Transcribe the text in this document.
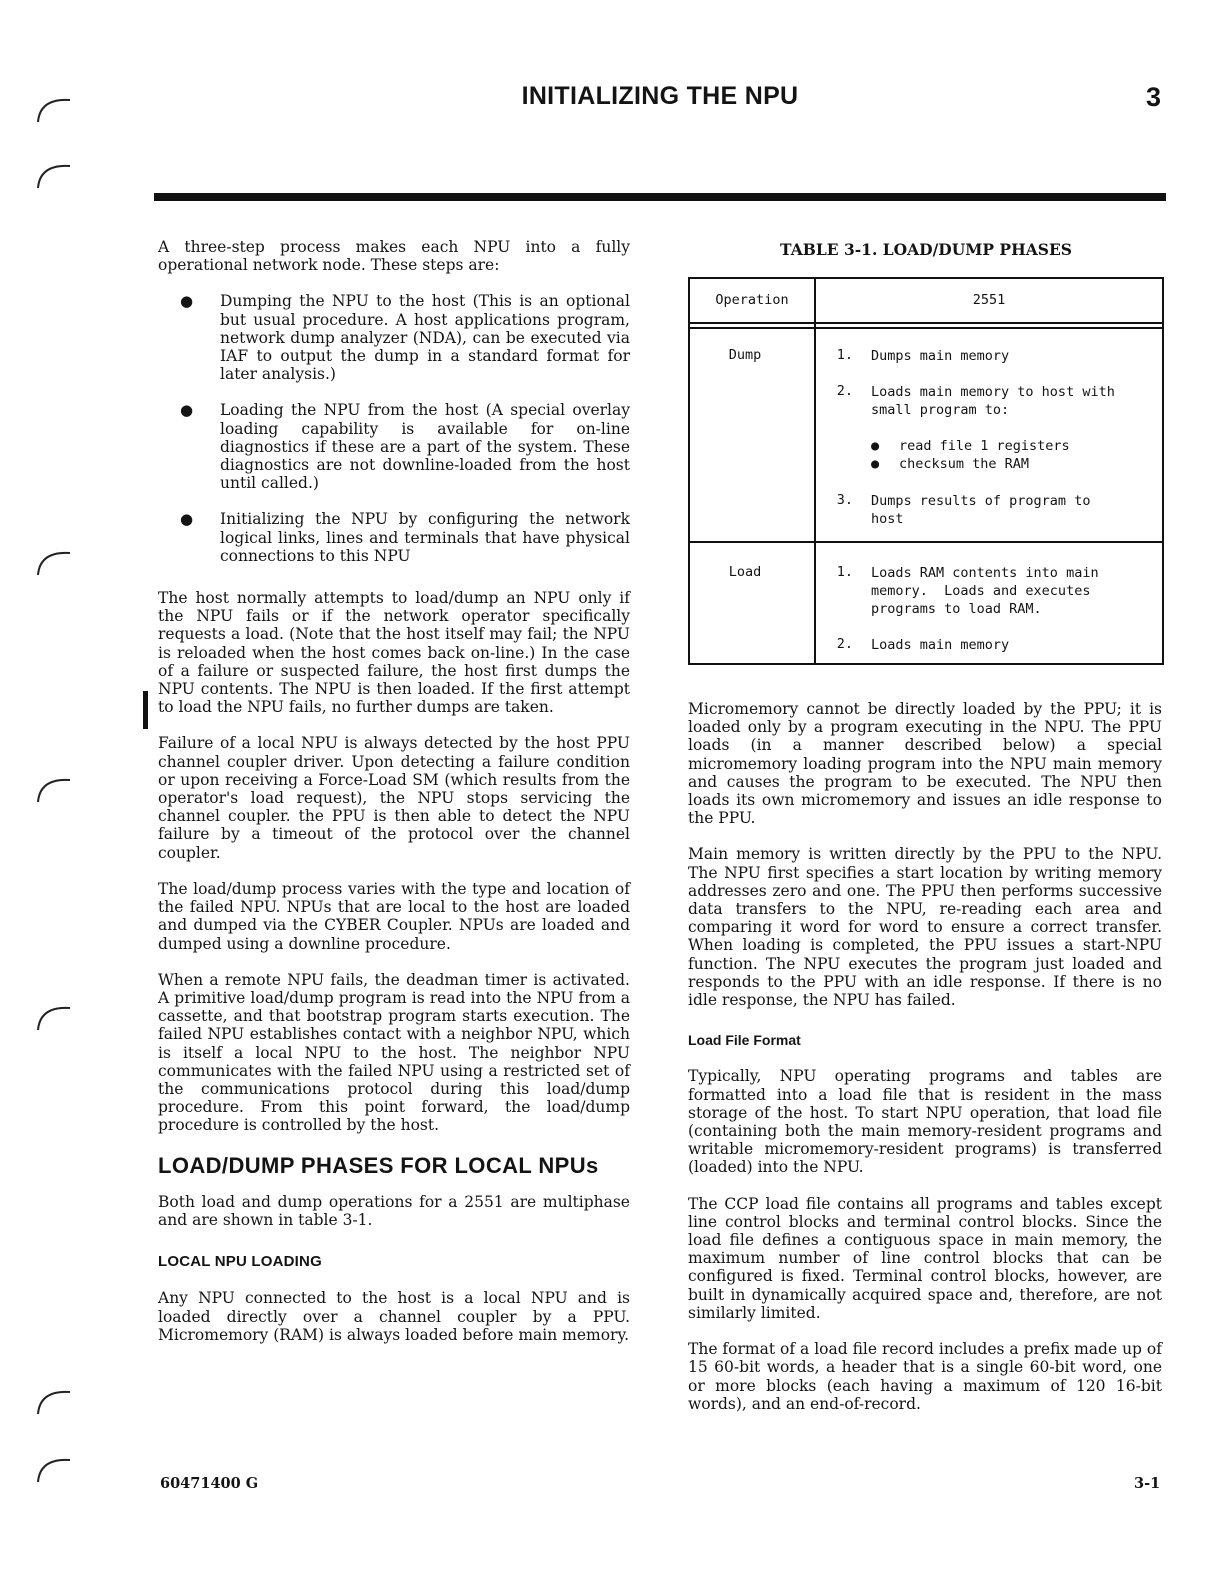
INITIALIZING THE NPU	3

A three-step process makes each NPU into a fully operational network node. These steps are:

● Dumping the NPU to the host (This is an optional but usual procedure. A host applications program, network dump analyzer (NDA), can be executed via IAF to output the dump in a standard format for later analysis.)
● Loading the NPU from the host (A special overlay loading capability is available for on-line diagnostics if these are a part of the system. These diagnostics are not downline-loaded from the host until called.)
● Initializing the NPU by configuring the network logical links, lines and terminals that have physical connections to this NPU

The host normally attempts to load/dump an NPU only if the NPU fails or if the network operator specifically requests a load. (Note that the host itself may fail; the NPU is reloaded when the host comes back on-line.) In the case of a failure or suspected failure, the host first dumps the NPU contents. The NPU is then loaded. If the first attempt to load the NPU fails, no further dumps are taken.

Failure of a local NPU is always detected by the host PPU channel coupler driver. Upon detecting a failure condition or upon receiving a Force-Load SM (which results from the operator's load request), the NPU stops servicing the channel coupler. the PPU is then able to detect the NPU failure by a timeout of the protocol over the channel coupler.

The load/dump process varies with the type and location of the failed NPU. NPUs that are local to the host are loaded and dumped via the CYBER Coupler. NPUs are loaded and dumped using a downline procedure.

When a remote NPU fails, the deadman timer is activated. A primitive load/dump program is read into the NPU from a cassette, and that bootstrap program starts execution. The failed NPU establishes contact with a neighbor NPU, which is itself a local NPU to the host. The neighbor NPU communicates with the failed NPU using a restricted set of the communications protocol during this load/dump procedure. From this point forward, the load/dump procedure is controlled by the host.

LOAD/DUMP PHASES FOR LOCAL NPUs

Both load and dump operations for a 2551 are multiphase and are shown in table 3-1.

LOCAL NPU LOADING

Any NPU connected to the host is a local NPU and is loaded directly over a channel coupler by a PPU. Micromemory (RAM) is always loaded before main memory.

TABLE 3-1. LOAD/DUMP PHASES
Operation	2551
Dump	1. Dumps main memory
2. Loads main memory to host with
small program to:
● read file 1 registers
● checksum the RAM
3. Dumps results of program to
host
Load	1. Loads RAM contents into main
memory.  Loads and executes
programs to load RAM.
2. Loads main memory

Micromemory cannot be directly loaded by the PPU; it is loaded only by a program executing in the NPU. The PPU loads (in a manner described below) a special micromemory loading program into the NPU main memory and causes the program to be executed. The NPU then loads its own micromemory and issues an idle response to the PPU.

Main memory is written directly by the PPU to the NPU. The NPU first specifies a start location by writing memory addresses zero and one. The PPU then performs successive data transfers to the NPU, re-reading each area and comparing it word for word to ensure a correct transfer. When loading is completed, the PPU issues a start-NPU function. The NPU executes the program just loaded and responds to the PPU with an idle response. If there is no idle response, the NPU has failed.

Load File Format

Typically, NPU operating programs and tables are formatted into a load file that is resident in the mass storage of the host. To start NPU operation, that load file (containing both the main memory-resident programs and writable micromemory-resident programs) is transferred (loaded) into the NPU.

The CCP load file contains all programs and tables except line control blocks and terminal control blocks. Since the load file defines a contiguous space in main memory, the maximum number of line control blocks that can be configured is fixed. Terminal control blocks, however, are built in dynamically acquired space and, therefore, are not similarly limited.

The format of a load file record includes a prefix made up of 15 60-bit words, a header that is a single 60-bit word, one or more blocks (each having a maximum of 120 16-bit words), and an end-of-record.

60471400 G	3-1
